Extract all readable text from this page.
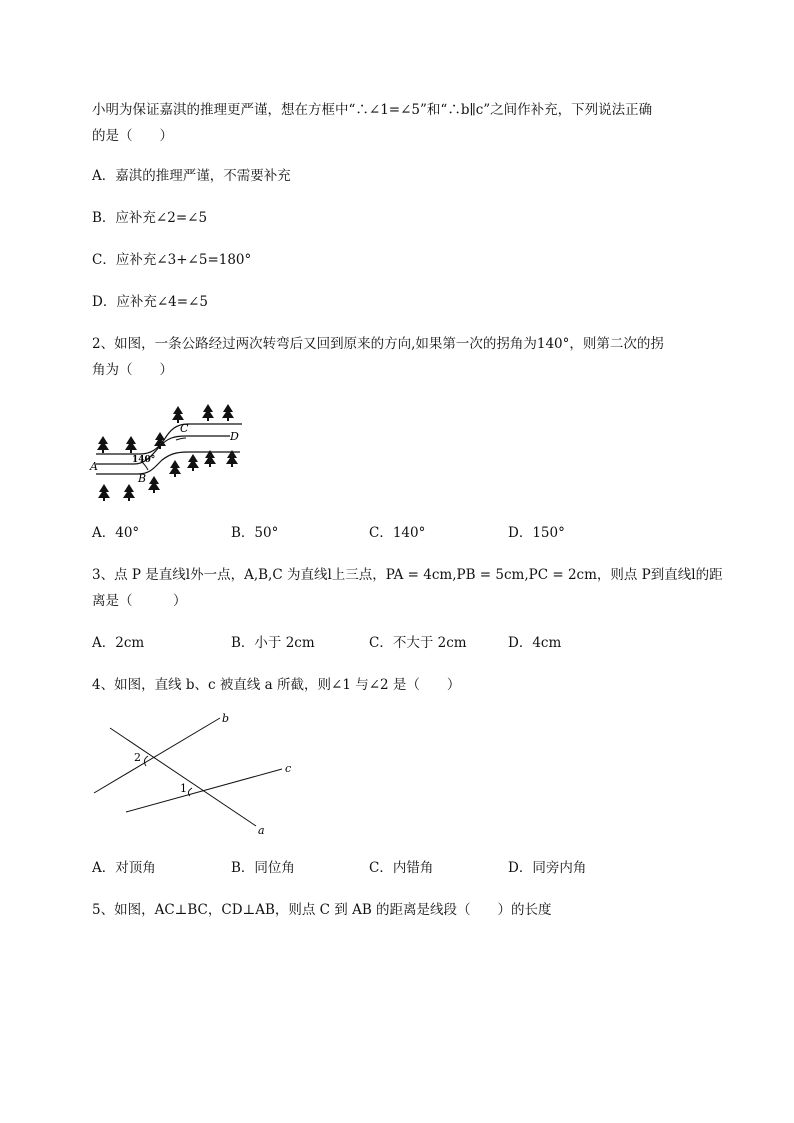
小明为保证嘉淇的推理更严谨，想在方框中“∴∠1=∠5”和“∴b∥c”之间作补充，下列说法正确
的是（　　）
A．嘉淇的推理严谨，不需要补充
B．应补充∠2=∠5
C．应补充∠3+∠5=180°
D．应补充∠4=∠5
2、如图，一条公路经过两次转弯后又回到原来的方向,如果第一次的拐角为140°，则第二次的拐
角为（　　）
A
B
C
D
140°
A．40°	B．50°	C．140°	D．150°
3、点 P 是直线l外一点，A,B,C 为直线l上三点，PA = 4cm,PB = 5cm,PC = 2cm，则点 P到直线l的距
离是（　　　）
A．2cm	B．小于 2cm	C．不大于 2cm	D．4cm
4、如图，直线 b、c 被直线 a 所截，则∠1 与∠2 是（　　）
b
c
a
2
1
A．对顶角	B．同位角	C．内错角	D．同旁内角
5、如图，AC⊥BC，CD⊥AB，则点 C 到 AB 的距离是线段（　　）的长度
